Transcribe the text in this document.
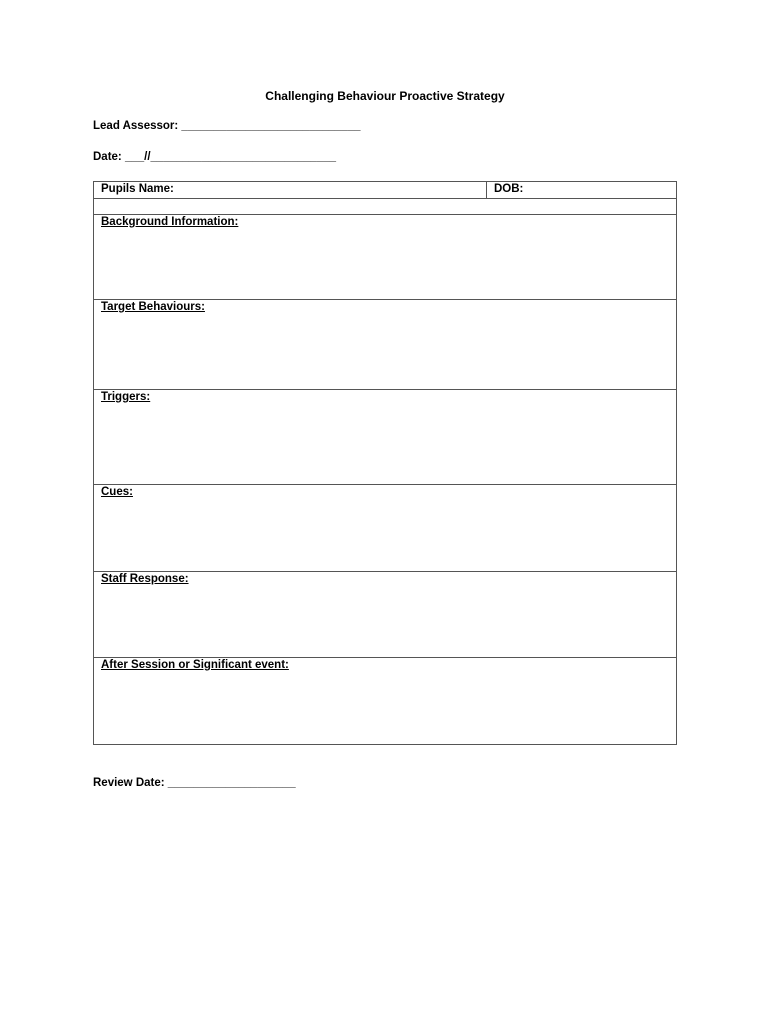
Challenging Behaviour Proactive Strategy
Lead Assessor: ____________________________
Date: ___//_____________________________
Pupils Name:	DOB:

Background Information:
Target Behaviours:
Triggers:
Cues:
Staff Response:
After Session or Significant event:
Review Date: ____________________
